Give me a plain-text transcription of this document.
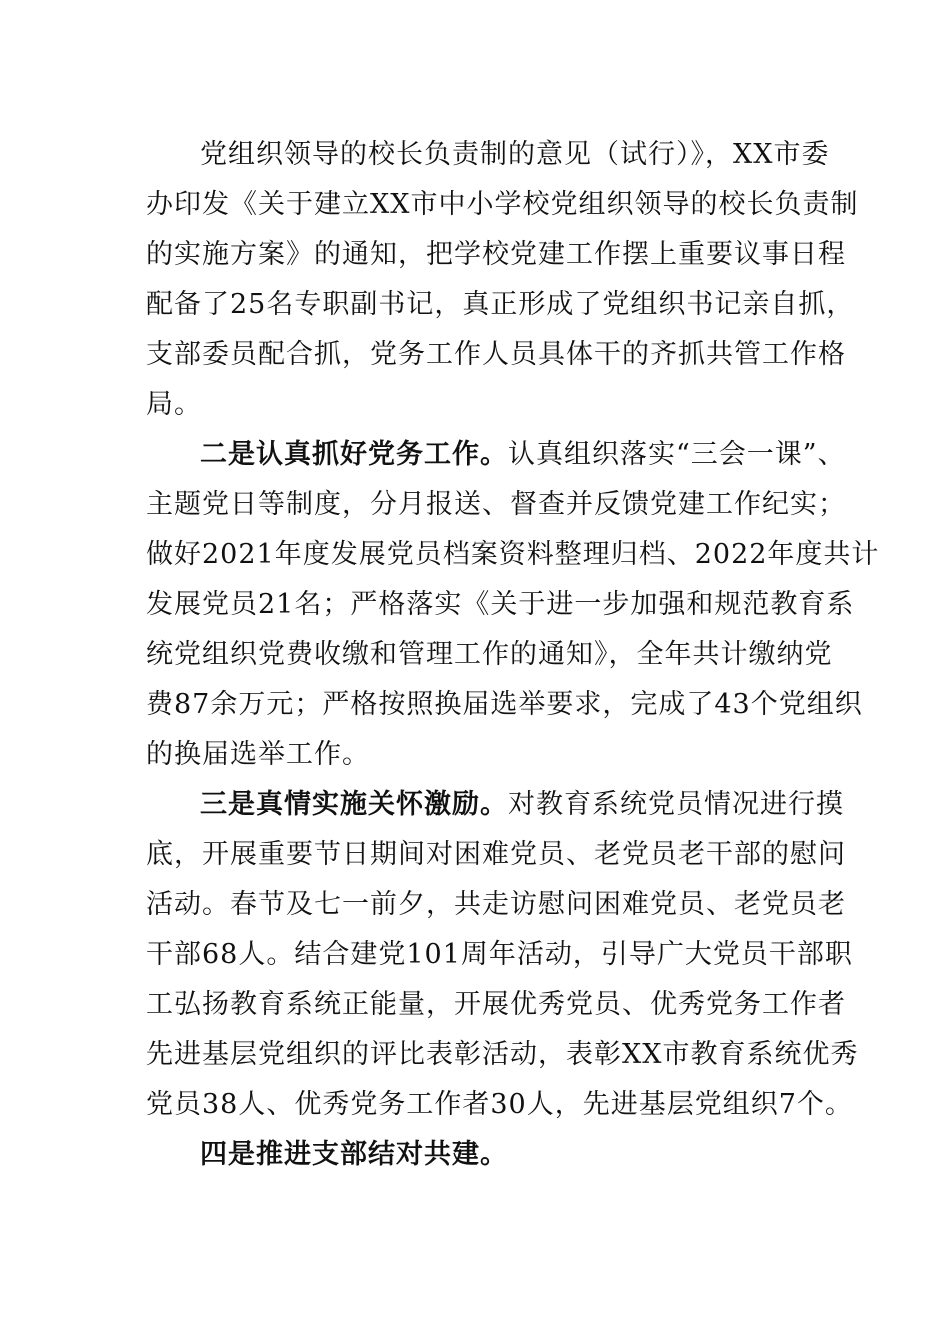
党组织领导的校长负责制的意见（试行）》，XX市委
办印发《关于建立XX市中小学校党组织领导的校长负责制
的实施方案》的通知，把学校党建工作摆上重要议事日程
配备了25名专职副书记，真正形成了党组织书记亲自抓，
支部委员配合抓，党务工作人员具体干的齐抓共管工作格
局。
二是认真抓好党务工作。认真组织落实“三会一课”、
主题党日等制度，分月报送、督查并反馈党建工作纪实；
做好2021年度发展党员档案资料整理归档、2022年度共计
发展党员21名；严格落实《关于进一步加强和规范教育系
统党组织党费收缴和管理工作的通知》，全年共计缴纳党
费87余万元；严格按照换届选举要求，完成了43个党组织
的换届选举工作。
三是真情实施关怀激励。对教育系统党员情况进行摸
底，开展重要节日期间对困难党员、老党员老干部的慰问
活动。春节及七一前夕，共走访慰问困难党员、老党员老
干部68人。结合建党101周年活动，引导广大党员干部职
工弘扬教育系统正能量，开展优秀党员、优秀党务工作者
先进基层党组织的评比表彰活动，表彰XX市教育系统优秀
党员38人、优秀党务工作者30人，先进基层党组织7个。
四是推进支部结对共建。
